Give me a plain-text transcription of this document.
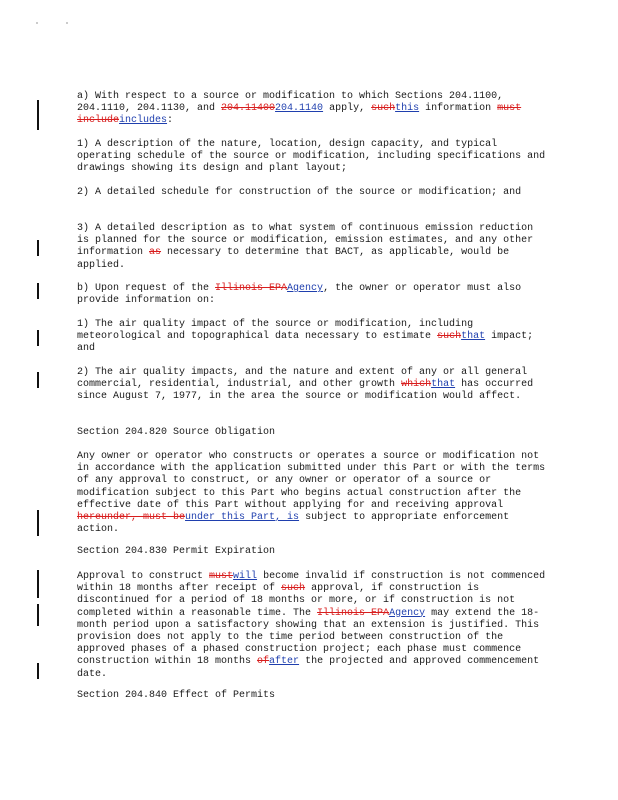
a) With respect to a source or modification to which Sections 204.1100, 204.1110, 204.1130, and 204.11400204.1140 apply, suchthis information must includeincludes:

1) A description of the nature, location, design capacity, and typical operating schedule of the source or modification, including specifications and drawings showing its design and plant layout;

2) A detailed schedule for construction of the source or modification; and

3) A detailed description as to what system of continuous emission reduction is planned for the source or modification, emission estimates, and any other information as necessary to determine that BACT, as applicable, would be applied.

b) Upon request of the Illinois EPAAgency, the owner or operator must also provide information on:

1) The air quality impact of the source or modification, including meteorological and topographical data necessary to estimate suchthat impact; and

2) The air quality impacts, and the nature and extent of any or all general commercial, residential, industrial, and other growth whichthat has occurred since August 7, 1977, in the area the source or modification would affect.

Section 204.820 Source Obligation

Any owner or operator who constructs or operates a source or modification not in accordance with the application submitted under this Part or with the terms of any approval to construct, or any owner or operator of a source or modification subject to this Part who begins actual construction after the effective date of this Part without applying for and receiving approval hereunder, must beunder this Part, is subject to appropriate enforcement action.

Section 204.830 Permit Expiration

Approval to construct mustwill become invalid if construction is not commenced within 18 months after receipt of such approval, if construction is discontinued for a period of 18 months or more, or if construction is not completed within a reasonable time. The Illinois EPAAgency may extend the 18-month period upon a satisfactory showing that an extension is justified. This provision does not apply to the time period between construction of the approved phases of a phased construction project; each phase must commence construction within 18 months ofafter the projected and approved commencement date.

Section 204.840 Effect of Permits
